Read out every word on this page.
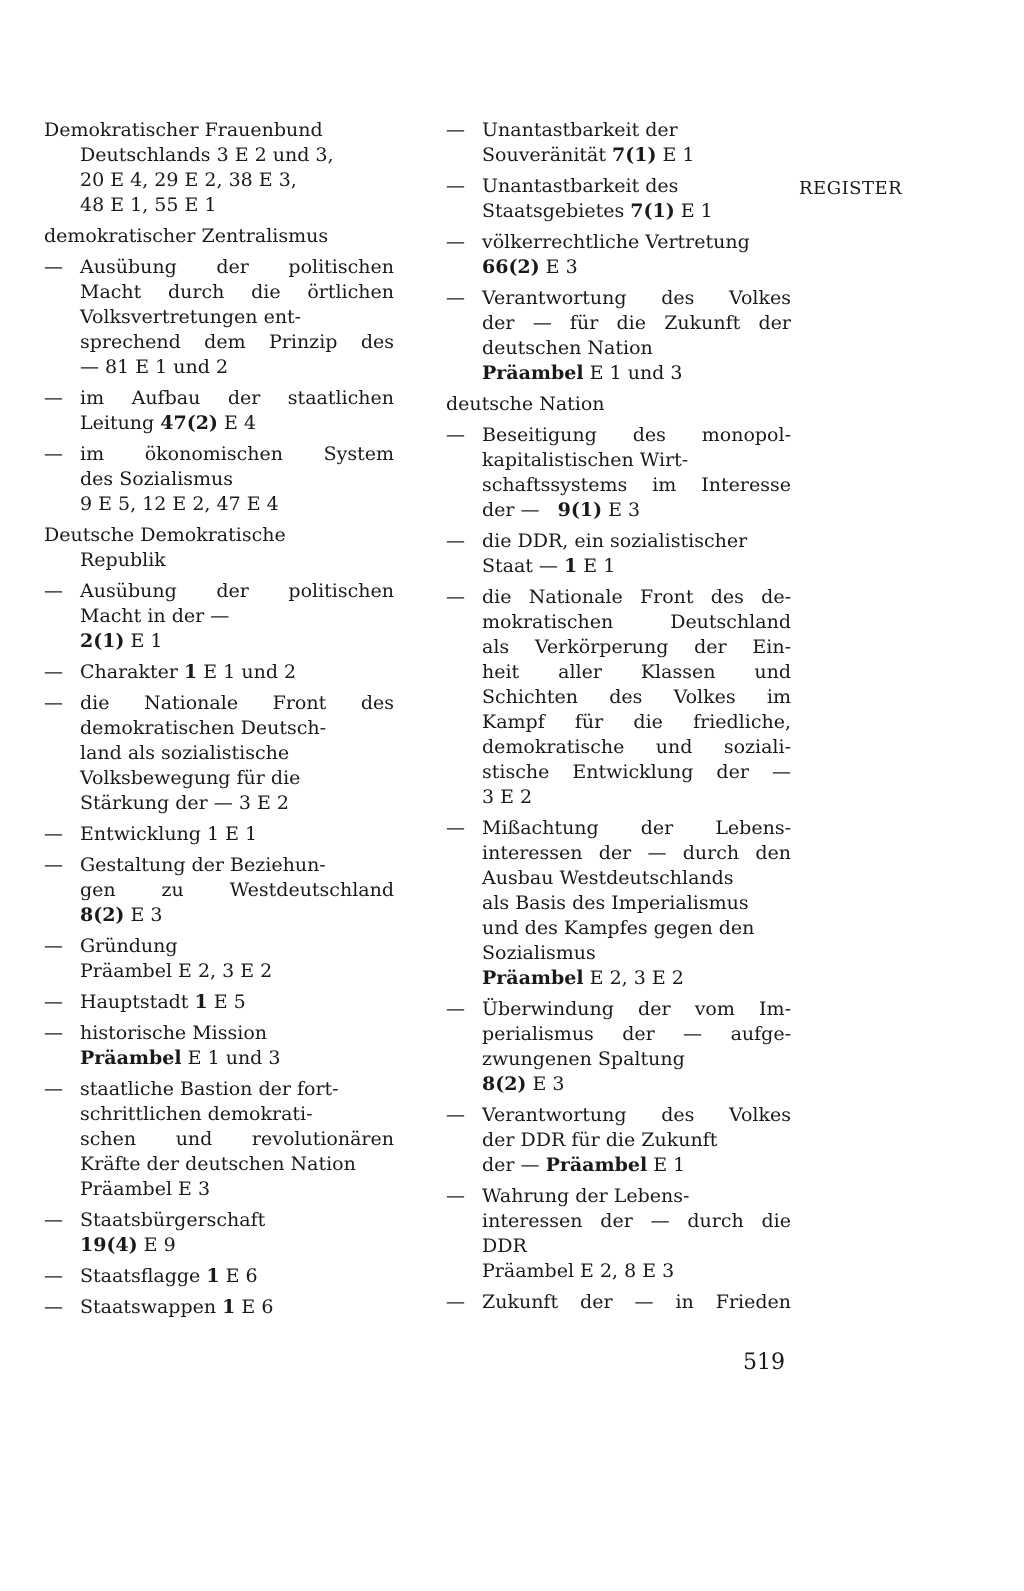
REGISTER
Demokratischer Frauenbund
Deutschlands 3 E 2 und 3,
20 E 4, 29 E 2, 38 E 3,
48 E 1, 55 E 1
demokratischer Zentralismus
— Ausübung der politischen
Macht durch die örtlichen
Volksvertretungen ent-
sprechend dem Prinzip des
— 81 E 1 und 2
— im Aufbau der staatlichen
Leitung 47(2) E 4
— im ökonomischen System
des Sozialismus
9 E 5, 12 E 2, 47 E 4
Deutsche Demokratische
Republik
— Ausübung der politischen
Macht in der —
2(1) E 1
— Charakter 1 E 1 und 2
— die Nationale Front des
demokratischen Deutsch-
land als sozialistische
Volksbewegung für die
Stärkung der — 3 E 2
— Entwicklung 1 E 1
— Gestaltung der Beziehun-
gen zu Westdeutschland
8(2) E 3
— Gründung
Präambel E 2, 3 E 2
— Hauptstadt 1 E 5
— historische Mission
Präambel E 1 und 3
— staatliche Bastion der fort-
schrittlichen demokrati-
schen und revolutionären
Kräfte der deutschen Nation
Präambel E 3
— Staatsbürgerschaft
19(4) E 9
— Staatsflagge 1 E 6
— Staatswappen 1 E 6
— Unantastbarkeit der
Souveränität 7(1) E 1
— Unantastbarkeit des
Staatsgebietes 7(1) E 1
— völkerrechtliche Vertretung
66(2) E 3
— Verantwortung des Volkes
der — für die Zukunft der
deutschen Nation
Präambel E 1 und 3
deutsche Nation
— Beseitigung des monopol-
kapitalistischen Wirt-
schaftssystems im Interesse
der — 9(1) E 3
— die DDR, ein sozialistischer
Staat — 1 E 1
— die Nationale Front des de-
mokratischen Deutschland
als Verkörperung der Ein-
heit aller Klassen und
Schichten des Volkes im
Kampf für die friedliche,
demokratische und soziali-
stische Entwicklung der —
3 E 2
— Mißachtung der Lebens-
interessen der — durch den
Ausbau Westdeutschlands
als Basis des Imperialismus
und des Kampfes gegen den
Sozialismus
Präambel E 2, 3 E 2
— Überwindung der vom Im-
perialismus der — aufge-
zwungenen Spaltung
8(2) E 3
— Verantwortung des Volkes
der DDR für die Zukunft
der — Präambel E 1
— Wahrung der Lebens-
interessen der — durch die
DDR
Präambel E 2, 8 E 3
— Zukunft der — in Frieden
519
